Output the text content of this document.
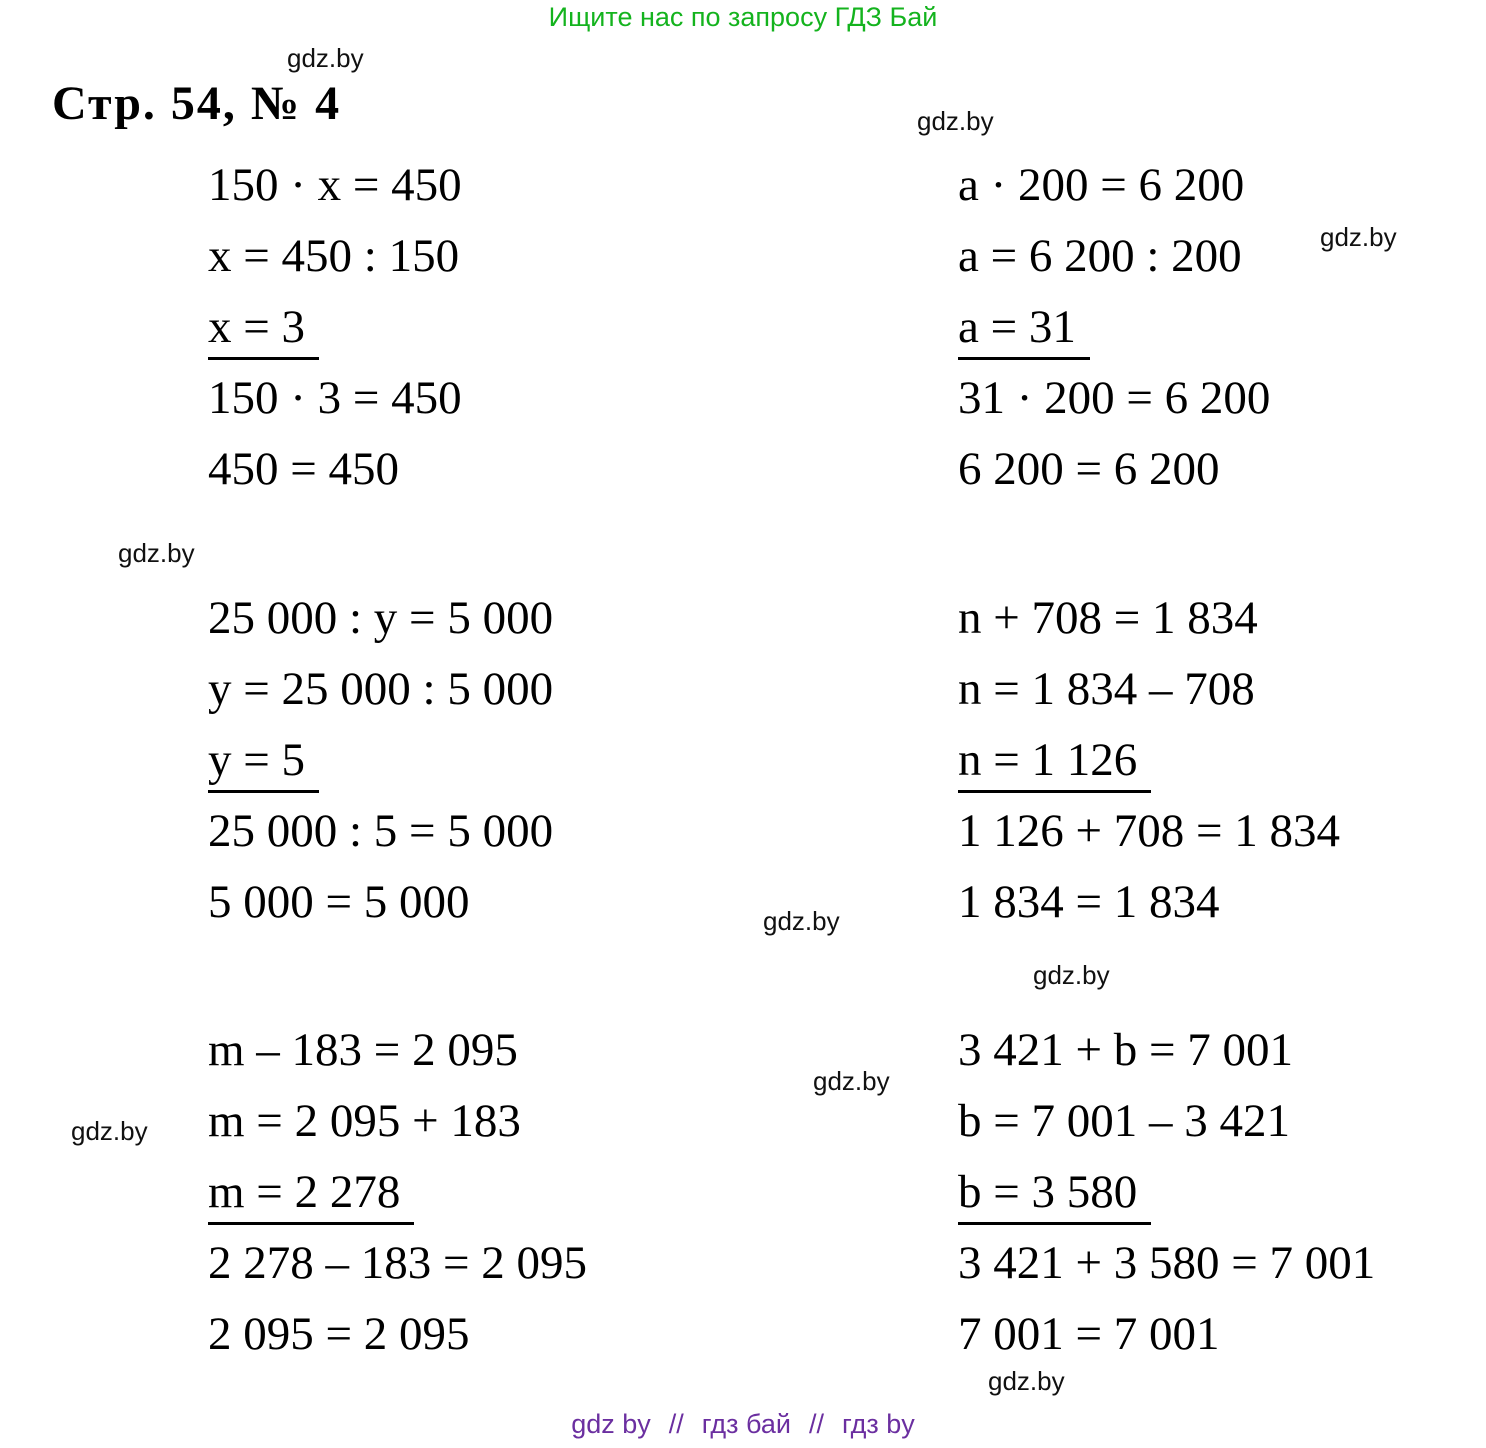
Ищите нас по запросу ГДЗ Бай
gdz.by
gdz.by
gdz.by
gdz.by
gdz.by
gdz.by
gdz.by
gdz.by
gdz.by
Стр. 54, № 4
150 · x = 450
x = 450 : 150
x = 3
150 · 3 = 450
450 = 450
a · 200 = 6 200
a = 6 200 : 200
a = 31
31 · 200 = 6 200
6 200 = 6 200
25 000 : y = 5 000
y = 25 000 : 5 000
y = 5
25 000 : 5 = 5 000
5 000 = 5 000
n + 708 = 1 834
n = 1 834 – 708
n = 1 126
1 126 + 708 = 1 834
1 834 = 1 834
m – 183 = 2 095
m = 2 095 + 183
m = 2 278
2 278 – 183 = 2 095
2 095 = 2 095
3 421 + b = 7 001
b = 7 001 – 3 421
b = 3 580
3 421 + 3 580 = 7 001
7 001 = 7 001
gdz by // гдз бай // гдз by
